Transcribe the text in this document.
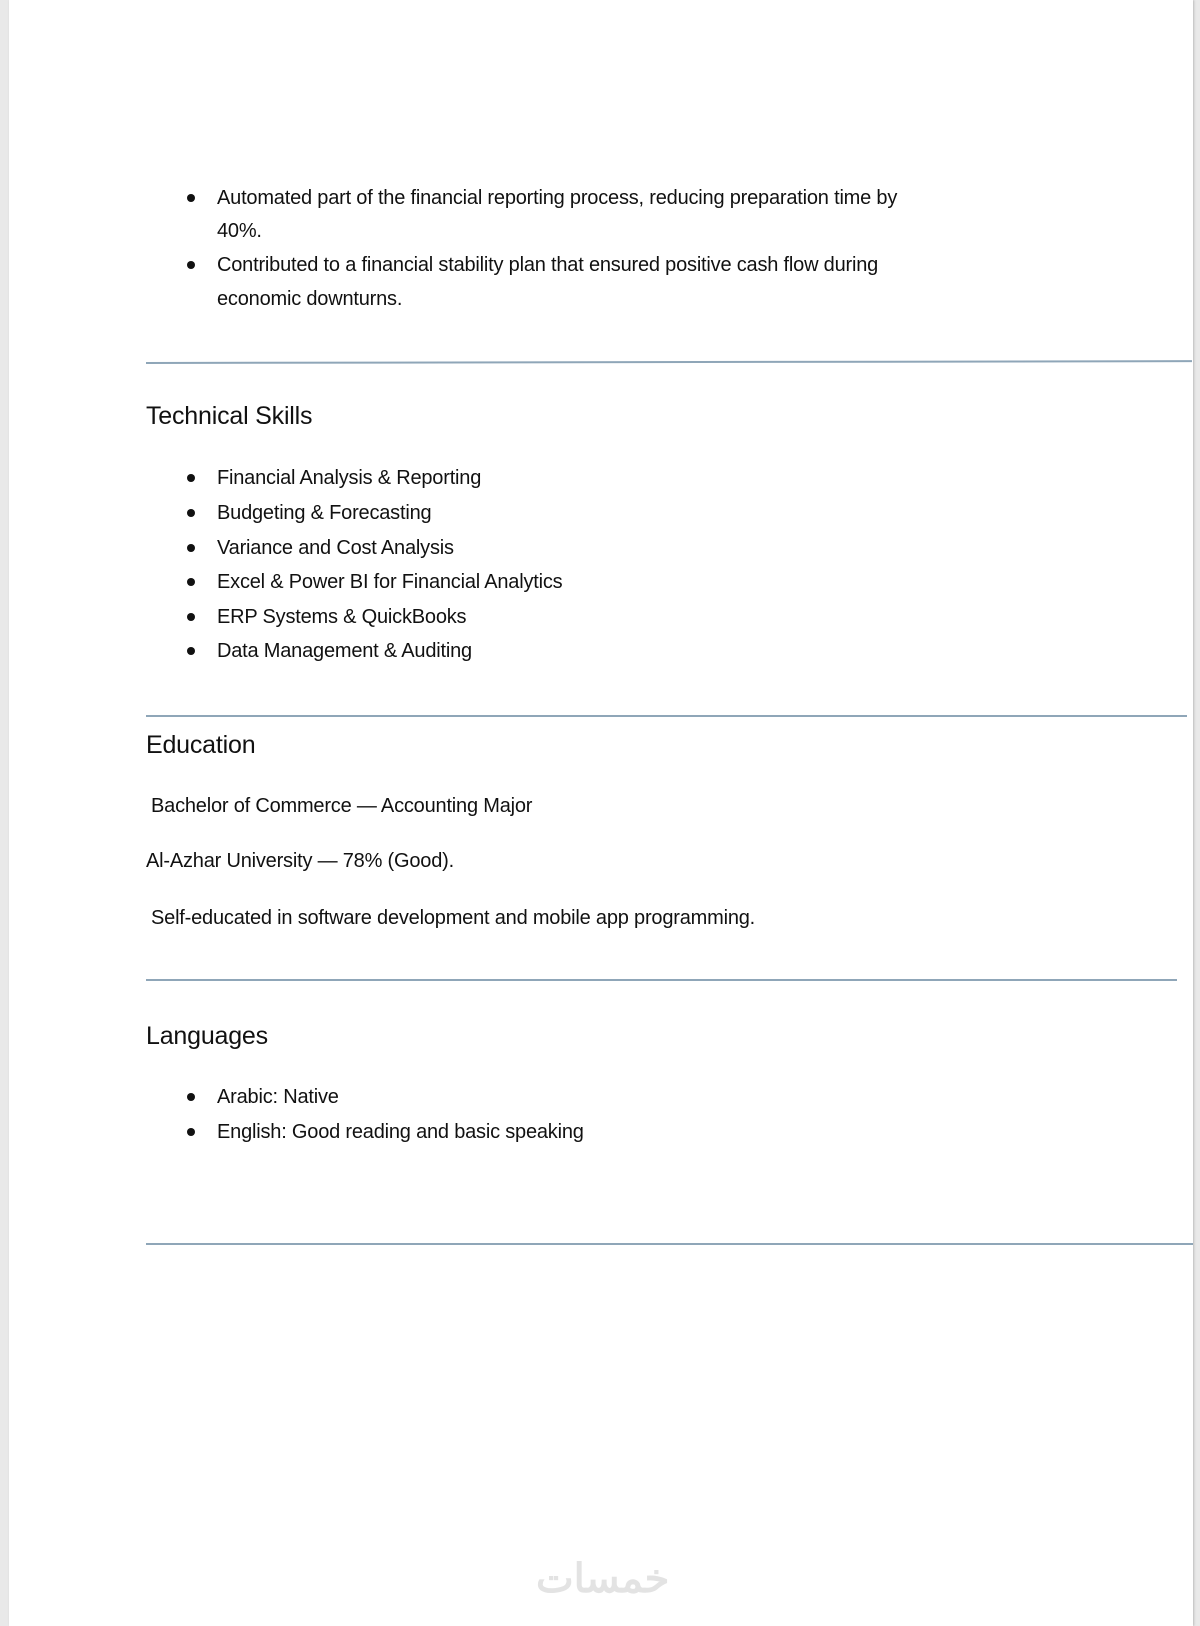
Automated part of the financial reporting process, reducing preparation time by
40%.
Contributed to a financial stability plan that ensured positive cash flow during
economic downturns.
Technical Skills
Financial Analysis & Reporting
Budgeting & Forecasting
Variance and Cost Analysis
Excel & Power BI for Financial Analytics
ERP Systems & QuickBooks
Data Management & Auditing
Education
Bachelor of Commerce — Accounting Major
Al-Azhar University — 78% (Good).
Self-educated in software development and mobile app programming.
Languages
Arabic: Native
English: Good reading and basic speaking
خمسات
